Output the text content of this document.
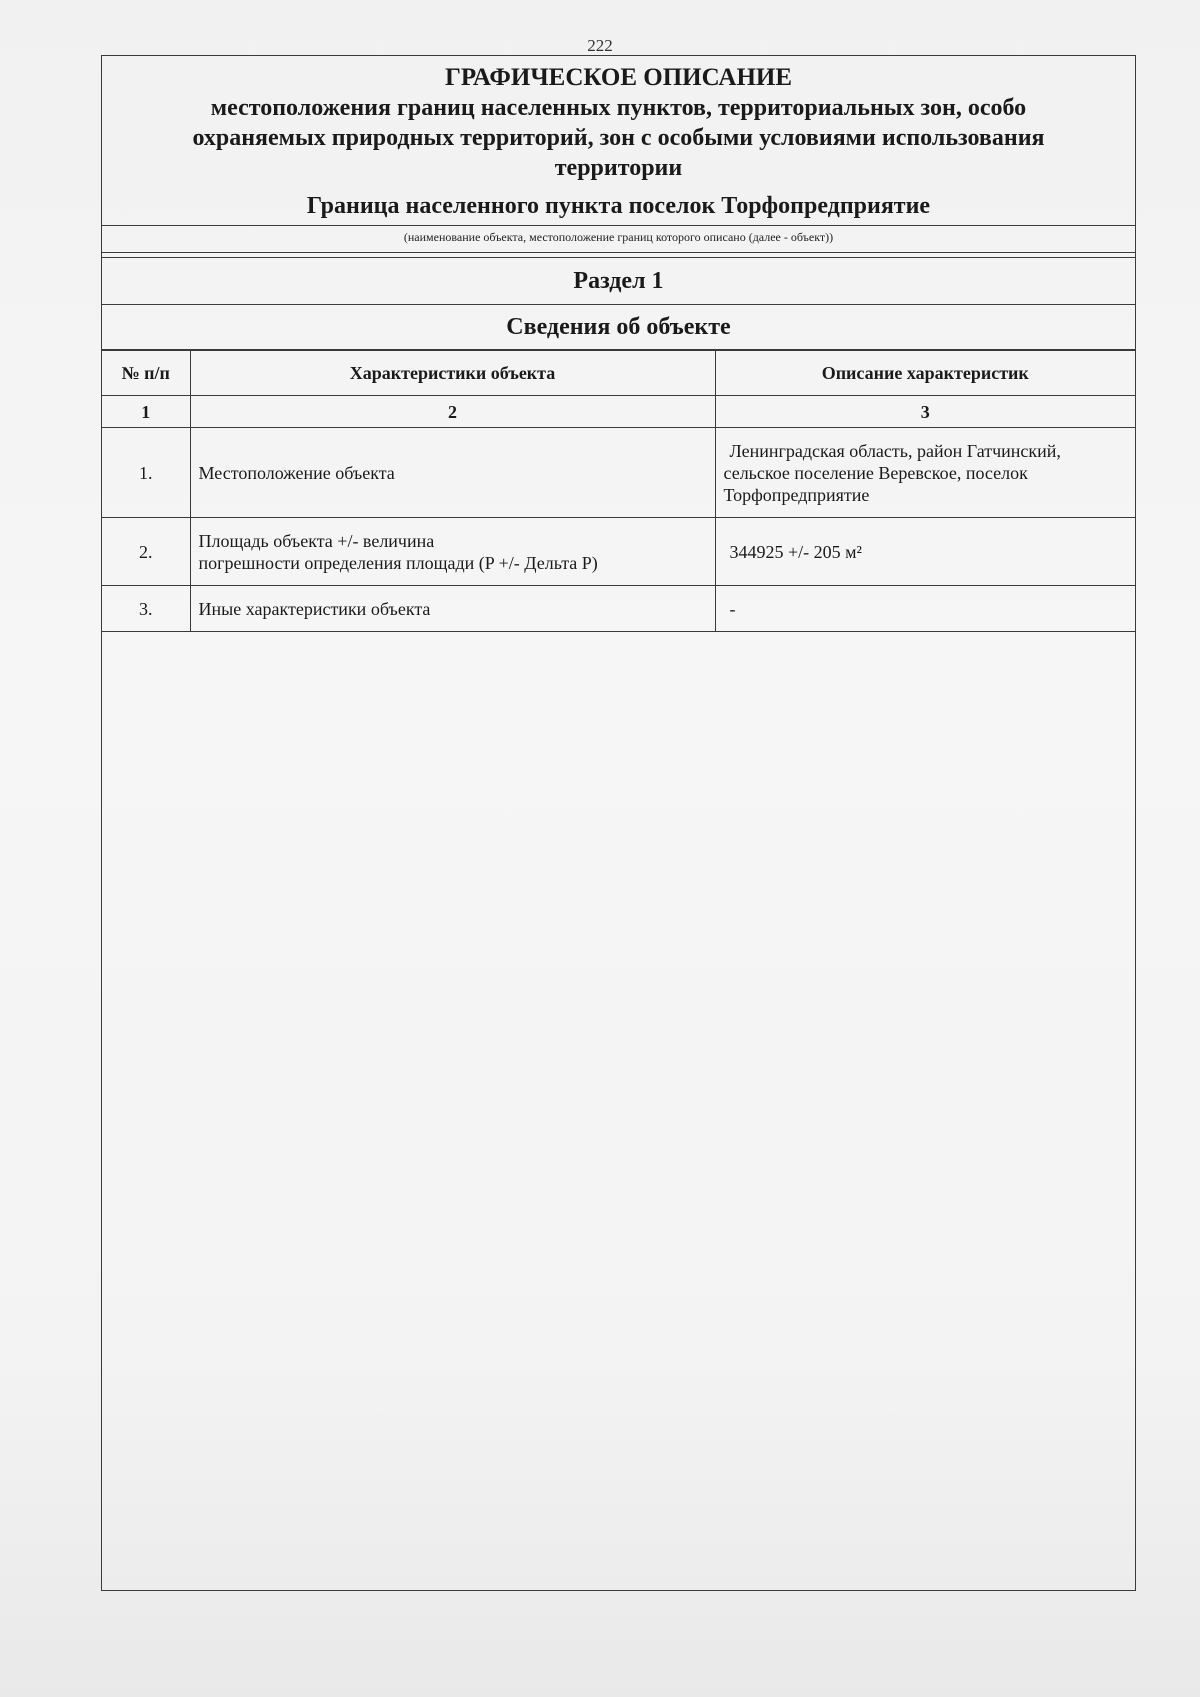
222
ГРАФИЧЕСКОЕ ОПИСАНИЕ
местоположения границ населенных пунктов, территориальных зон, особо
охраняемых природных территорий, зон с особыми условиями использования
территории
Граница населенного пункта поселок Торфопредприятие
(наименование объекта, местоположение границ которого описано (далее - объект))
Раздел 1
Сведения об объекте
№ п/п	Характеристики объекта	Описание характеристик
1	2	3
1.	Местоположение объекта	Ленинградская область, район Гатчинский,
сельское поселение Веревское, поселок
Торфопредприятие

2.	Площадь объекта +/- величина
погрешности определения площади (P +/- Дельта P)	344925 +/- 205 м²

3.	Иные характеристики объекта	-
